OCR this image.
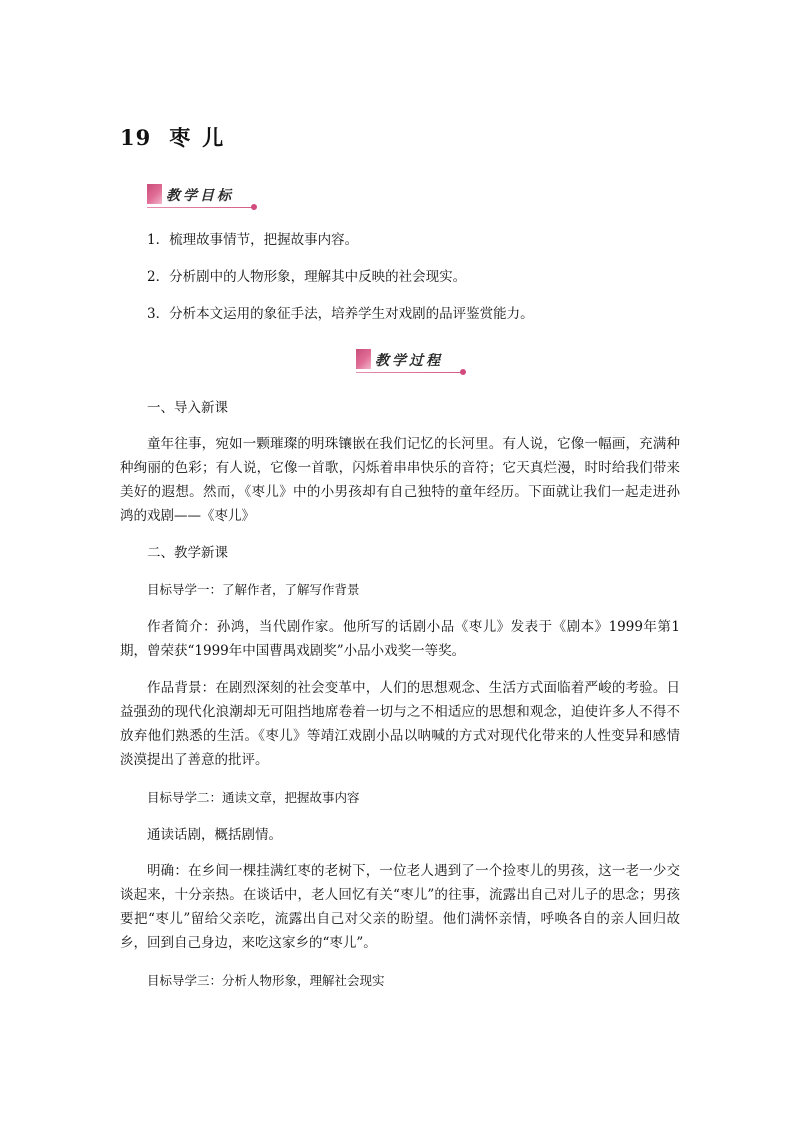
19 枣儿
教学目标

1．梳理故事情节，把握故事内容。

2．分析剧中的人物形象，理解其中反映的社会现实。

3．分析本文运用的象征手法，培养学生对戏剧的品评鉴赏能力。

教学过程

一、导入新课

童年往事，宛如一颗璀璨的明珠镶嵌在我们记忆的长河里。有人说，它像一幅画，充满种种绚丽的色彩；有人说，它像一首歌，闪烁着串串快乐的音符；它天真烂漫，时时给我们带来美好的遐想。然而，《枣儿》中的小男孩却有自己独特的童年经历。下面就让我们一起走进孙鸿的戏剧——《枣儿》

二、教学新课

目标导学一：了解作者，了解写作背景

作者简介：孙鸿，当代剧作家。他所写的话剧小品《枣儿》发表于《剧本》1999年第1期，曾荣获“1999年中国曹禺戏剧奖”小品小戏奖一等奖。

作品背景：在剧烈深刻的社会变革中，人们的思想观念、生活方式面临着严峻的考验。日益强劲的现代化浪潮却无可阻挡地席卷着一切与之不相适应的思想和观念，迫使许多人不得不放弃他们熟悉的生活。《枣儿》等靖江戏剧小品以呐喊的方式对现代化带来的人性变异和感情淡漠提出了善意的批评。

目标导学二：通读文章，把握故事内容

通读话剧，概括剧情。

明确：在乡间一棵挂满红枣的老树下，一位老人遇到了一个捡枣儿的男孩，这一老一少交谈起来，十分亲热。在谈话中，老人回忆有关“枣儿”的往事，流露出自己对儿子的思念；男孩要把“枣儿”留给父亲吃，流露出自己对父亲的盼望。他们满怀亲情，呼唤各自的亲人回归故乡，回到自己身边，来吃这家乡的“枣儿”。

目标导学三：分析人物形象，理解社会现实
